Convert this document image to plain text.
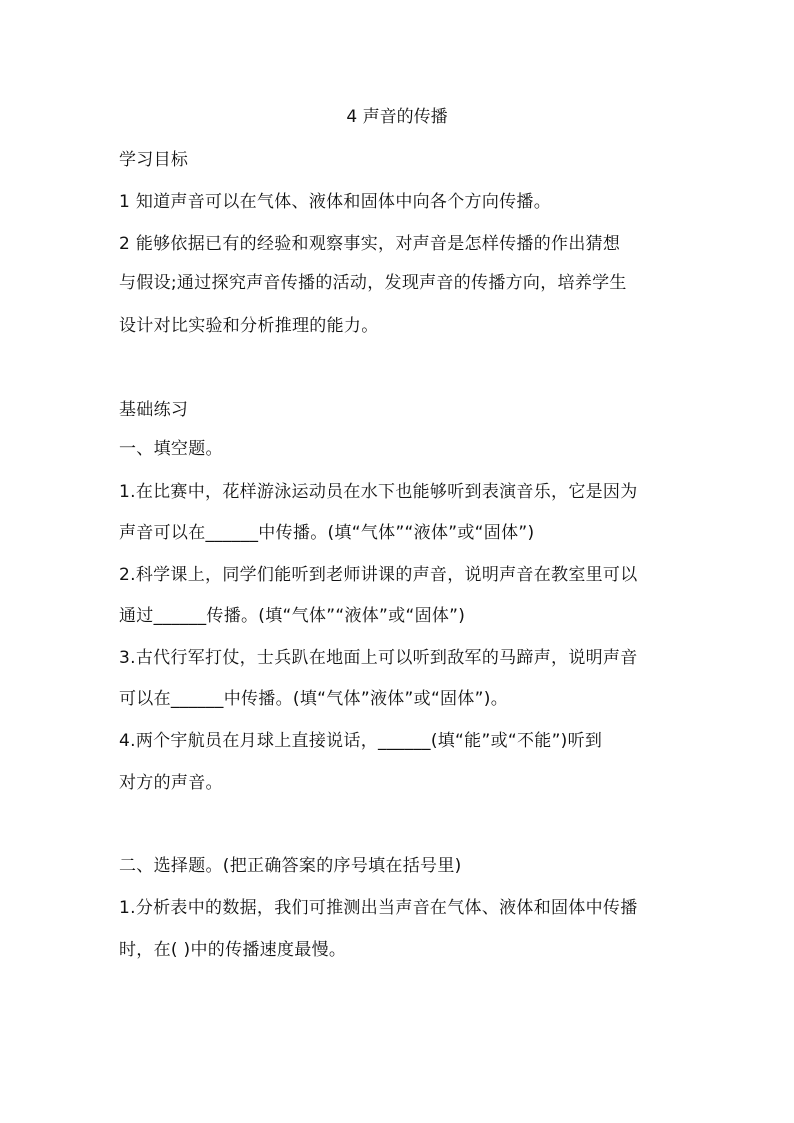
4 声音的传播
学习目标
1 知道声音可以在气体、液体和固体中向各个方向传播。
2 能够依据已有的经验和观察事实，对声音是怎样传播的作出猜想
与假设;通过探究声音传播的活动，发现声音的传播方向，培养学生
设计对比实验和分析推理的能力。
基础练习
一、填空题。
1.在比赛中，花样游泳运动员在水下也能够听到表演音乐，它是因为
声音可以在______中传播。(填“气体”“液体”或“固体”)
2.科学课上，同学们能听到老师讲课的声音，说明声音在教室里可以
通过______传播。(填“气体”“液体”或“固体”)
3.古代行军打仗，士兵趴在地面上可以听到敌军的马蹄声，说明声音
可以在______中传播。(填“气体”液体”或“固体”)。
4.两个宇航员在月球上直接说话，______(填“能”或“不能”)听到
对方的声音。
二、选择题。(把正确答案的序号填在括号里)
1.分析表中的数据，我们可推测出当声音在气体、液体和固体中传播
时，在( )中的传播速度最慢。
